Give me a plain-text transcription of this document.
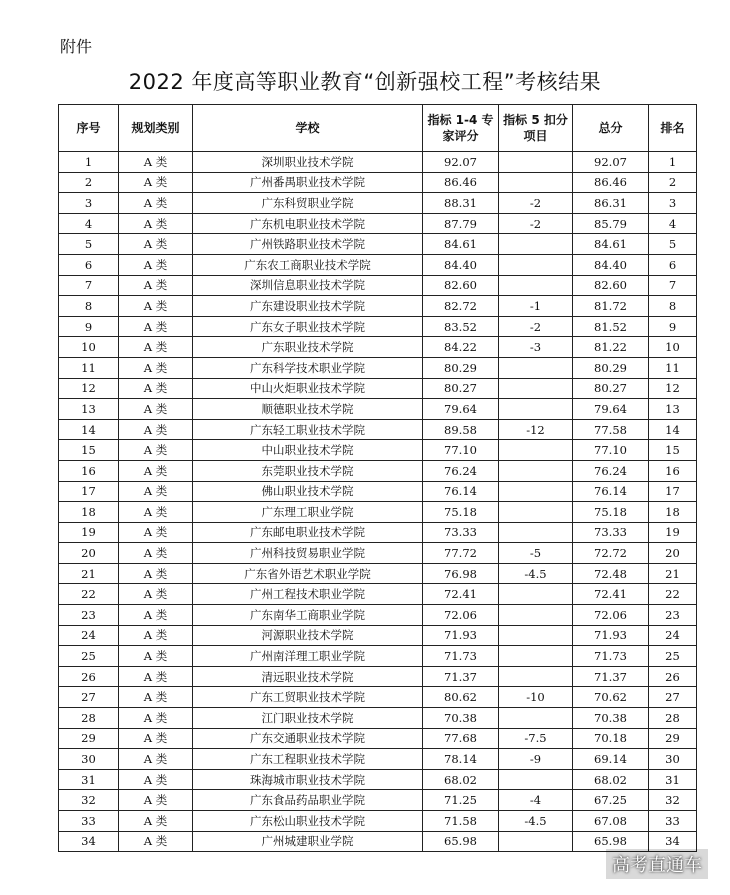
附件
2022 年度高等职业教育“创新强校工程”考核结果
序号	规划类别	学校	指标 1-4 专家评分	指标 5 扣分项目	总分	排名
1	A 类	深圳职业技术学院	92.07		92.07	1
2	A 类	广州番禺职业技术学院	86.46		86.46	2
3	A 类	广东科贸职业学院	88.31	-2	86.31	3
4	A 类	广东机电职业技术学院	87.79	-2	85.79	4
5	A 类	广州铁路职业技术学院	84.61		84.61	5
6	A 类	广东农工商职业技术学院	84.40		84.40	6
7	A 类	深圳信息职业技术学院	82.60		82.60	7
8	A 类	广东建设职业技术学院	82.72	-1	81.72	8
9	A 类	广东女子职业技术学院	83.52	-2	81.52	9
10	A 类	广东职业技术学院	84.22	-3	81.22	10
11	A 类	广东科学技术职业学院	80.29		80.29	11
12	A 类	中山火炬职业技术学院	80.27		80.27	12
13	A 类	顺德职业技术学院	79.64		79.64	13
14	A 类	广东轻工职业技术学院	89.58	-12	77.58	14
15	A 类	中山职业技术学院	77.10		77.10	15
16	A 类	东莞职业技术学院	76.24		76.24	16
17	A 类	佛山职业技术学院	76.14		76.14	17
18	A 类	广东理工职业学院	75.18		75.18	18
19	A 类	广东邮电职业技术学院	73.33		73.33	19
20	A 类	广州科技贸易职业学院	77.72	-5	72.72	20
21	A 类	广东省外语艺术职业学院	76.98	-4.5	72.48	21
22	A 类	广州工程技术职业学院	72.41		72.41	22
23	A 类	广东南华工商职业学院	72.06		72.06	23
24	A 类	河源职业技术学院	71.93		71.93	24
25	A 类	广州南洋理工职业学院	71.73		71.73	25
26	A 类	清远职业技术学院	71.37		71.37	26
27	A 类	广东工贸职业技术学院	80.62	-10	70.62	27
28	A 类	江门职业技术学院	70.38		70.38	28
29	A 类	广东交通职业技术学院	77.68	-7.5	70.18	29
30	A 类	广东工程职业技术学院	78.14	-9	69.14	30
31	A 类	珠海城市职业技术学院	68.02		68.02	31
32	A 类	广东食品药品职业学院	71.25	-4	67.25	32
33	A 类	广东松山职业技术学院	71.58	-4.5	67.08	33
34	A 类	广州城建职业学院	65.98		65.98	34
高考直通车
